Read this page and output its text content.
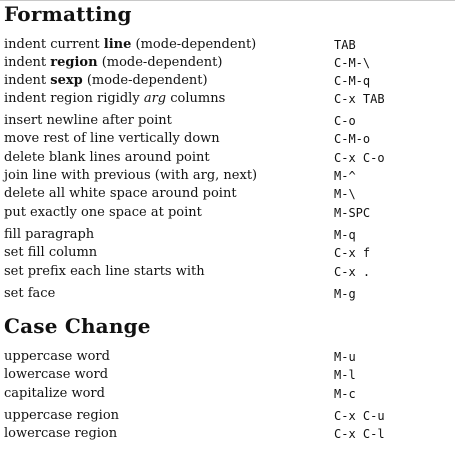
Formatting
indent current line (mode-dependent)	TAB
indent region (mode-dependent)	C-M-\
indent sexp (mode-dependent)	C-M-q
indent region rigidly arg columns	C-x TAB
insert newline after point	C-o
move rest of line vertically down	C-M-o
delete blank lines around point	C-x C-o
join line with previous (with arg, next)	M-^
delete all white space around point	M-\
put exactly one space at point	M-SPC
fill paragraph	M-q
set fill column	C-x f
set prefix each line starts with	C-x .
set face	M-g
Case Change
uppercase word	M-u
lowercase word	M-l
capitalize word	M-c
uppercase region	C-x C-u
lowercase region	C-x C-l
